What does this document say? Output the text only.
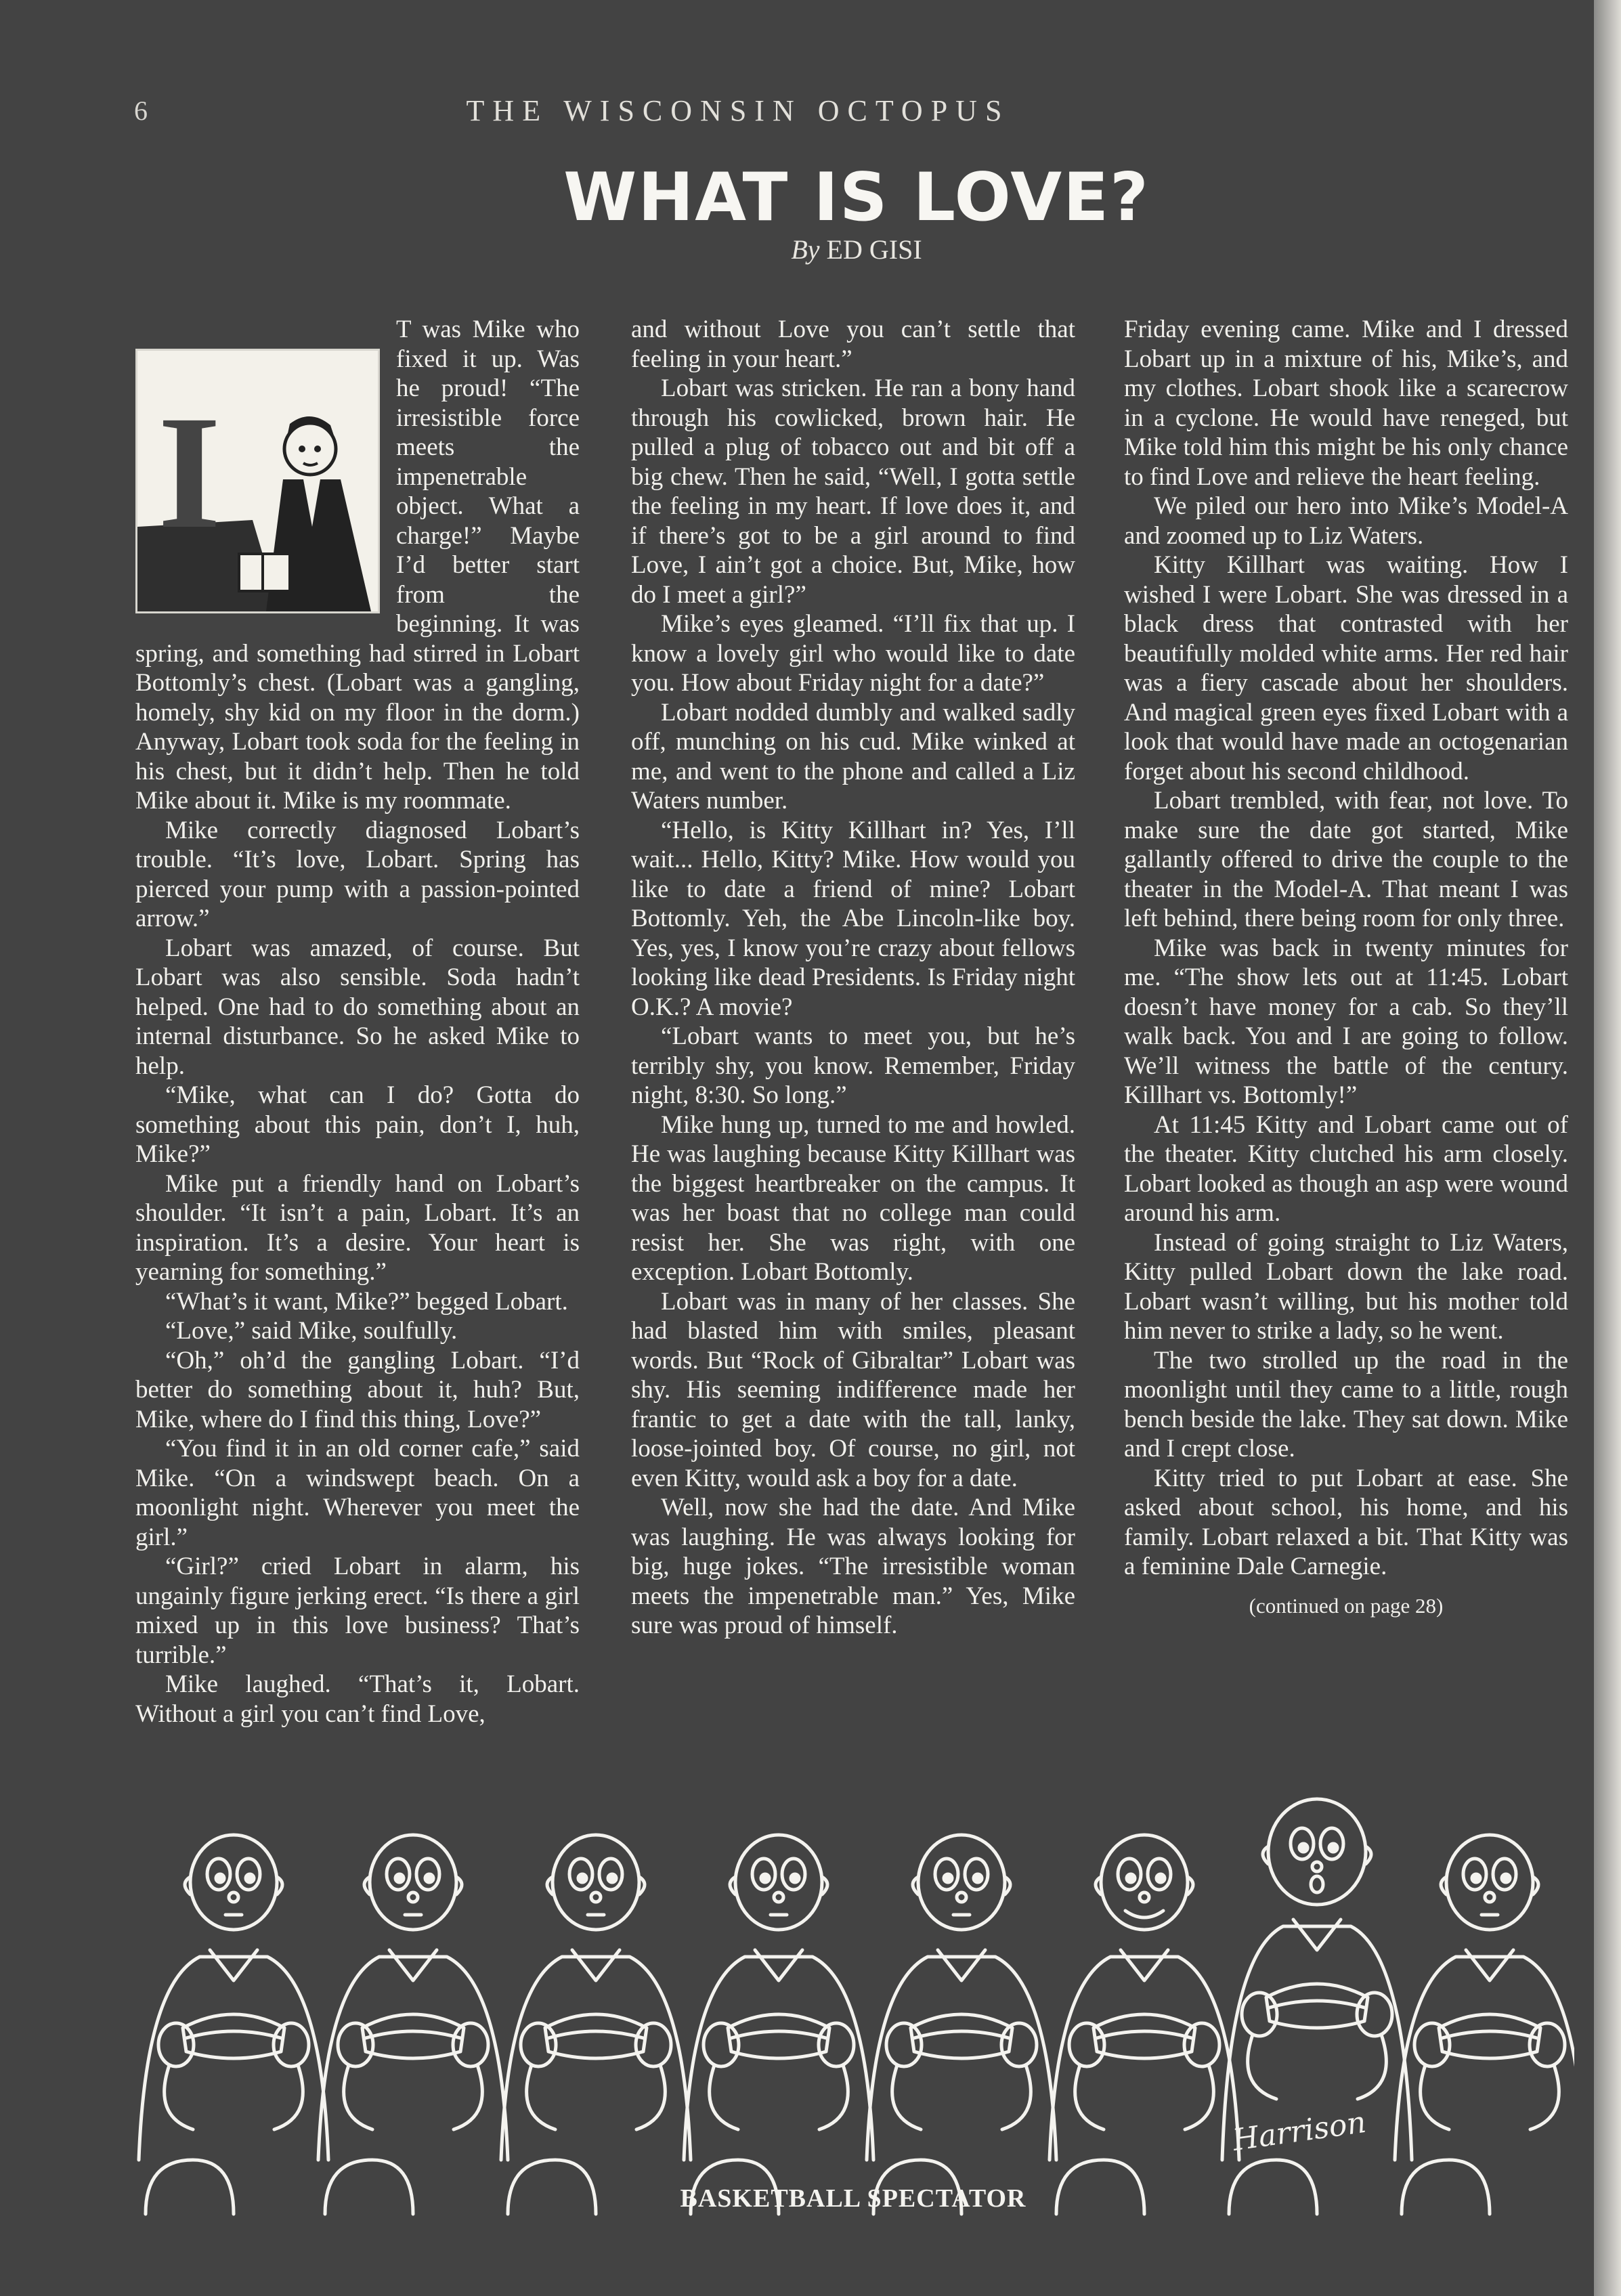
6	THE WISCONSIN OCTOPUS
WHAT IS LOVE?
By ED GISI
I

T was Mike who fixed it up. Was he proud! “The irresistible force meets the impenetrable object. What a charge!” Maybe I’d better start from the beginning. It was spring, and something had stirred in Lobart Bottomly’s chest. (Lobart was a gangling, homely, shy kid on my floor in the dorm.) Anyway, Lobart took soda for the feeling in his chest, but it didn’t help. Then he told Mike about it. Mike is my roommate.

Mike correctly diagnosed Lobart’s trouble. “It’s love, Lobart. Spring has pierced your pump with a passion-pointed arrow.”

Lobart was amazed, of course. But Lobart was also sensible. Soda hadn’t helped. One had to do something about an internal disturbance. So he asked Mike to help.

“Mike, what can I do? Gotta do something about this pain, don’t I, huh, Mike?”

Mike put a friendly hand on Lobart’s shoulder. “It isn’t a pain, Lobart. It’s an inspiration. It’s a desire. Your heart is yearning for something.”

“What’s it want, Mike?” begged Lobart.

“Love,” said Mike, soulfully.

“Oh,” oh’d the gangling Lobart. “I’d better do something about it, huh? But, Mike, where do I find this thing, Love?”

“You find it in an old corner cafe,” said Mike. “On a windswept beach. On a moonlight night. Wherever you meet the girl.”

“Girl?” cried Lobart in alarm, his ungainly figure jerking erect. “Is there a girl mixed up in this love business? That’s turrible.”

Mike laughed. “That’s it, Lobart. Without a girl you can’t find Love,

and without Love you can’t settle that feeling in your heart.”

Lobart was stricken. He ran a bony hand through his cowlicked, brown hair. He pulled a plug of tobacco out and bit off a big chew. Then he said, “Well, I gotta settle the feeling in my heart. If love does it, and if there’s got to be a girl around to find Love, I ain’t got a choice. But, Mike, how do I meet a girl?”

Mike’s eyes gleamed. “I’ll fix that up. I know a lovely girl who would like to date you. How about Friday night for a date?”

Lobart nodded dumbly and walked sadly off, munching on his cud. Mike winked at me, and went to the phone and called a Liz Waters number.

“Hello, is Kitty Killhart in? Yes, I’ll wait... Hello, Kitty? Mike. How would you like to date a friend of mine? Lobart Bottomly. Yeh, the Abe Lincoln-like boy. Yes, yes, I know you’re crazy about fellows looking like dead Presidents. Is Friday night O.K.? A movie?

“Lobart wants to meet you, but he’s terribly shy, you know. Remember, Friday night, 8:30. So long.”

Mike hung up, turned to me and howled. He was laughing because Kitty Killhart was the biggest heartbreaker on the campus. It was her boast that no college man could resist her. She was right, with one exception. Lobart Bottomly.

Lobart was in many of her classes. She had blasted him with smiles, pleasant words. But “Rock of Gibraltar” Lobart was shy. His seeming indifference made her frantic to get a date with the tall, lanky, loose-jointed boy. Of course, no girl, not even Kitty, would ask a boy for a date.

Well, now she had the date. And Mike was laughing. He was always looking for big, huge jokes. “The irresistible woman meets the impenetrable man.” Yes, Mike sure was proud of himself.

Friday evening came. Mike and I dressed Lobart up in a mixture of his, Mike’s, and my clothes. Lobart shook like a scarecrow in a cyclone. He would have reneged, but Mike told him this might be his only chance to find Love and relieve the heart feeling.

We piled our hero into Mike’s Model-A and zoomed up to Liz Waters.

Kitty Killhart was waiting. How I wished I were Lobart. She was dressed in a black dress that contrasted with her beautifully molded white arms. Her red hair was a fiery cascade about her shoulders. And magical green eyes fixed Lobart with a look that would have made an octogenarian forget about his second childhood.

Lobart trembled, with fear, not love. To make sure the date got started, Mike gallantly offered to drive the couple to the theater in the Model-A. That meant I was left behind, there being room for only three.

Mike was back in twenty minutes for me. “The show lets out at 11:45. Lobart doesn’t have money for a cab. So they’ll walk back. You and I are going to follow. We’ll witness the battle of the century. Killhart vs. Bottomly!”

At 11:45 Kitty and Lobart came out of the theater. Kitty clutched his arm closely. Lobart looked as though an asp were wound around his arm.

Instead of going straight to Liz Waters, Kitty pulled Lobart down the lake road. Lobart wasn’t willing, but his mother told him never to strike a lady, so he went.

The two strolled up the road in the moonlight until they came to a little, rough bench beside the lake. They sat down. Mike and I crept close.

Kitty tried to put Lobart at ease. She asked about school, his home, and his family. Lobart relaxed a bit. That Kitty was a feminine Dale Carnegie.

(continued on page 28)

Harrison
BASKETBALL SPECTATOR
